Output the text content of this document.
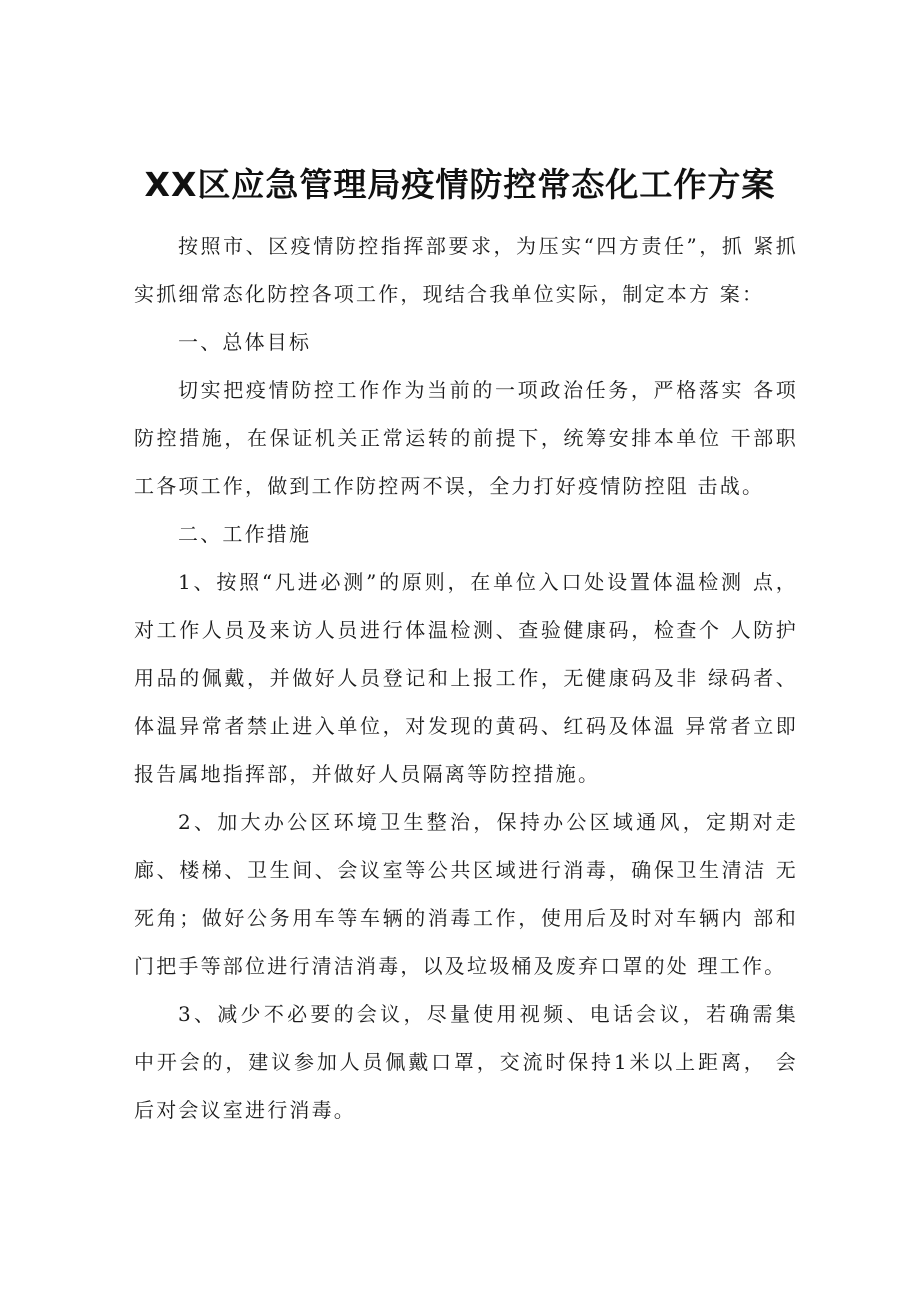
XX区应急管理局疫情防控常态化工作方案

按照市、区疫情防控指挥部要求，为压实“四方责任”，抓 紧抓实抓细常态化防控各项工作，现结合我单位实际，制定本方 案：

一、总体目标

切实把疫情防控工作作为当前的一项政治任务，严格落实 各项防控措施，在保证机关正常运转的前提下，统筹安排本单位 干部职工各项工作，做到工作防控两不误，全力打好疫情防控阻 击战。

二、工作措施

1、按照“凡进必测”的原则，在单位入口处设置体温检测 点，对工作人员及来访人员进行体温检测、查验健康码，检查个 人防护用品的佩戴，并做好人员登记和上报工作，无健康码及非 绿码者、体温异常者禁止进入单位，对发现的黄码、红码及体温 异常者立即报告属地指挥部，并做好人员隔离等防控措施。

2、加大办公区环境卫生整治，保持办公区域通风，定期对走 廊、楼梯、卫生间、会议室等公共区域进行消毒，确保卫生清洁 无死角；做好公务用车等车辆的消毒工作，使用后及时对车辆内 部和门把手等部位进行清洁消毒，以及垃圾桶及废弃口罩的处 理工作。

3、减少不必要的会议，尽量使用视频、电话会议，若确需集 中开会的，建议参加人员佩戴口罩，交流时保持1米以上距离， 会后对会议室进行消毒。
